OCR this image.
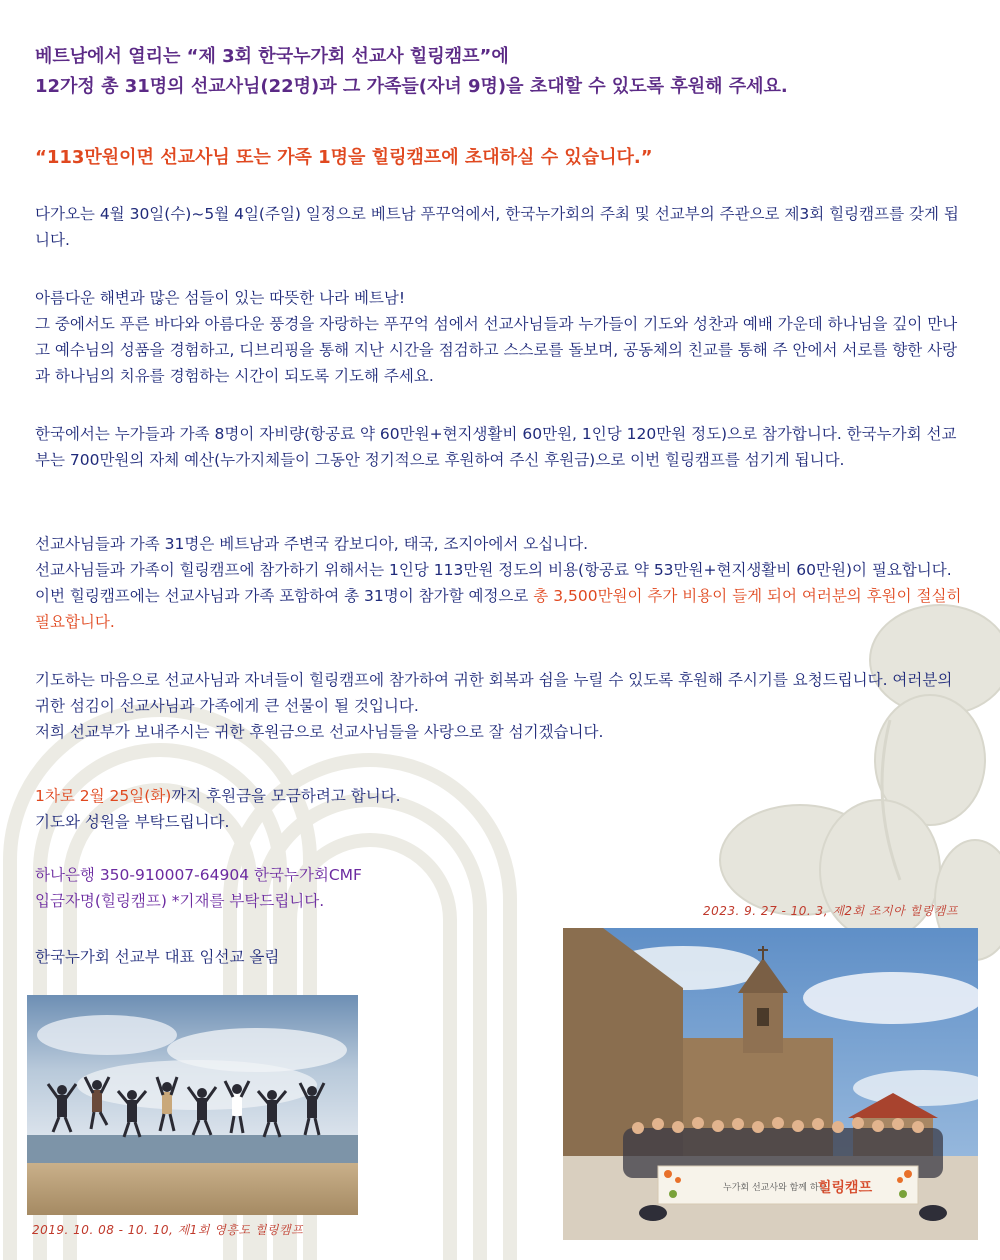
베트남에서 열리는 “제 3회 한국누가회 선교사 힐링캠프”에
12가정 총 31명의 선교사님(22명)과 그 가족들(자녀 9명)을 초대할 수 있도록 후원해 주세요.
“113만원이면 선교사님 또는 가족 1명을 힐링캠프에 초대하실 수 있습니다.”
다가오는 4월 30일(수)~5월 4일(주일) 일정으로 베트남 푸꾸억에서, 한국누가회의 주최 및 선교부의 주관으로 제3회 힐링캠프를 갖게 됩니다.
아름다운 해변과 많은 섬들이 있는 따뜻한 나라 베트남!
그 중에서도 푸른 바다와 아름다운 풍경을 자랑하는 푸꾸억 섬에서 선교사님들과 누가들이 기도와 성찬과 예배 가운데 하나님을 깊이 만나고 예수님의 성품을 경험하고, 디브리핑을 통해 지난 시간을 점검하고 스스로를 돌보며, 공동체의 친교를 통해 주 안에서 서로를 향한 사랑과 하나님의 치유를 경험하는 시간이 되도록 기도해 주세요.
한국에서는 누가들과 가족 8명이 자비량(항공료 약 60만원+현지생활비 60만원, 1인당 120만원 정도)으로 참가합니다. 한국누가회 선교부는 700만원의 자체 예산(누가지체들이 그동안 정기적으로 후원하여 주신 후원금)으로 이번 힐링캠프를 섬기게 됩니다.
선교사님들과 가족 31명은 베트남과 주변국 캄보디아, 태국, 조지아에서 오십니다.
선교사님들과 가족이 힐링캠프에 참가하기 위해서는 1인당 113만원 정도의 비용(항공료 약 53만원+현지생활비 60만원)이 필요합니다. 이번 힐링캠프에는 선교사님과 가족 포함하여 총 31명이 참가할 예정으로 총 3,500만원이 추가 비용이 들게 되어 여러분의 후원이 절실히 필요합니다.
기도하는 마음으로 선교사님과 자녀들이 힐링캠프에 참가하여 귀한 회복과 쉼을 누릴 수 있도록 후원해 주시기를 요청드립니다. 여러분의 귀한 섬김이 선교사님과 가족에게 큰 선물이 될 것입니다.
저희 선교부가 보내주시는 귀한 후원금으로 선교사님들을 사랑으로 잘 섬기겠습니다.
1차로 2월 25일(화)까지 후원금을 모금하려고 합니다.
기도와 성원을 부탁드립니다.
하나은행 350-910007-64904 한국누가회CMF
입금자명(힐링캠프) *기재를 부탁드립니다.
한국누가회 선교부 대표 임선교 올림
2019. 10. 08 - 10. 10, 제1회 영흥도 힐링캠프
2023. 9. 27 - 10. 3, 제2회 조지아 힐링캠프
누가회 선교사와 함께 하는
힐링캠프
